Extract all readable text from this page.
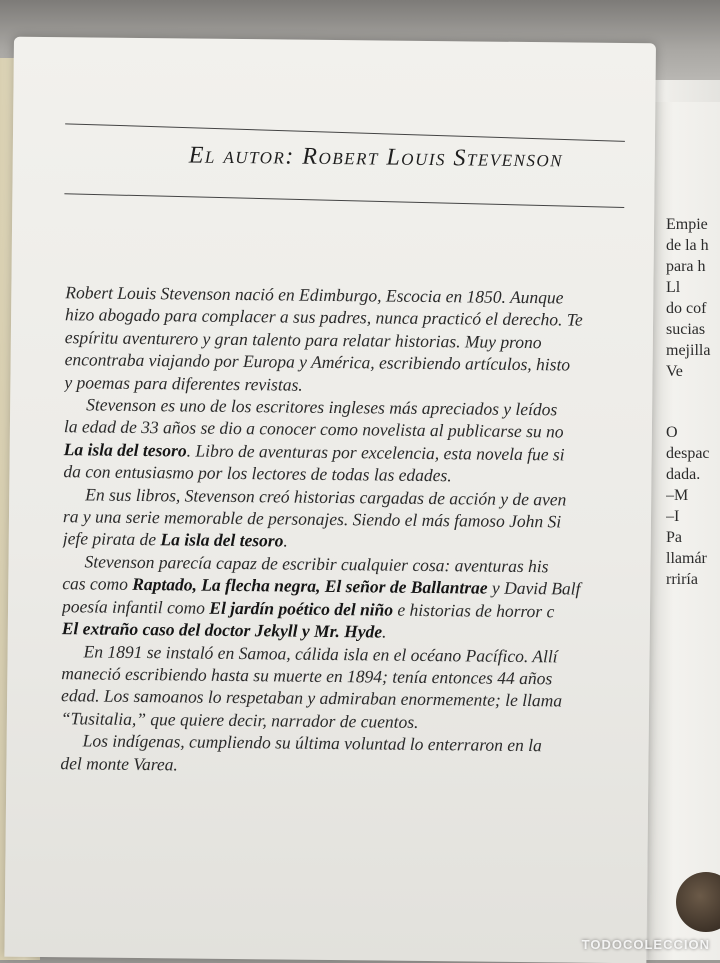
Empie
de la h
para h
Ll
do cof
sucias
mejilla
Ve
O
despac
dada.
–M
–I
Pa
llamár
rriría
El autor: Robert Louis Stevenson
Robert Louis Stevenson nació en Edimburgo, Escocia en 1850. Aunque
hizo abogado para complacer a sus padres, nunca practicó el derecho. Te
espíritu aventurero y gran talento para relatar historias. Muy prono
encontraba viajando por Europa y América, escribiendo artículos, histo
y poemas para diferentes revistas.
Stevenson es uno de los escritores ingleses más apreciados y leídos
la edad de 33 años se dio a conocer como novelista al publicarse su no
La isla del tesoro. Libro de aventuras por excelencia, esta novela fue si
da con entusiasmo por los lectores de todas las edades.
En sus libros, Stevenson creó historias cargadas de acción y de aven
ra y una serie memorable de personajes. Siendo el más famoso John Si
jefe pirata de La isla del tesoro.
Stevenson parecía capaz de escribir cualquier cosa: aventuras his
cas como Raptado, La flecha negra, El señor de Ballantrae y David Balf
poesía infantil como El jardín poético del niño e historias de horror c
El extraño caso del doctor Jekyll y Mr. Hyde.
En 1891 se instaló en Samoa, cálida isla en el océano Pacífico. Allí
maneció escribiendo hasta su muerte en 1894; tenía entonces 44 años
edad. Los samoanos lo respetaban y admiraban enormemente; le llama
“Tusitalia,” que quiere decir, narrador de cuentos.
Los indígenas, cumpliendo su última voluntad lo enterraron en la
del monte Varea.
TODOCOLECCION
